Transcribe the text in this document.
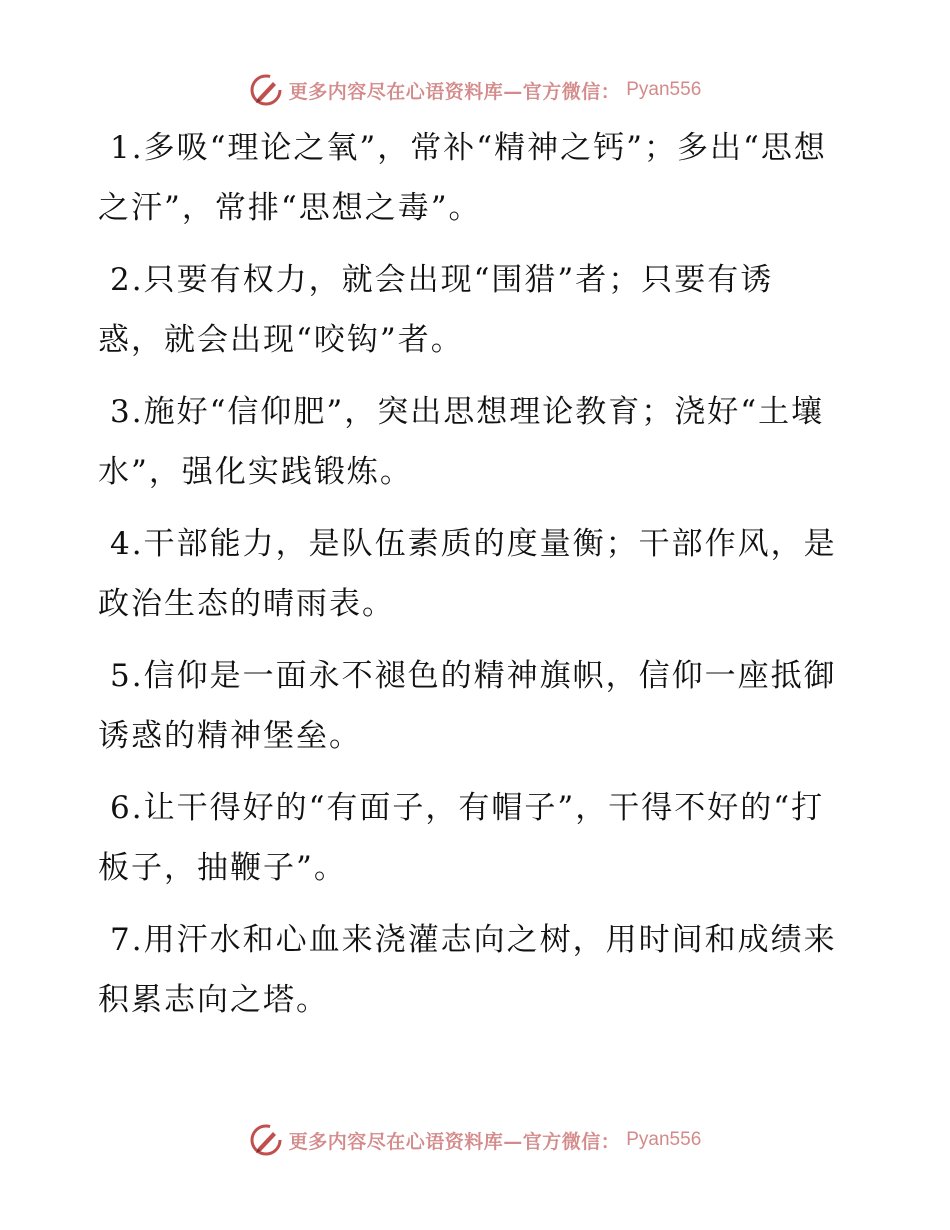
更多内容尽在心语资料库—官方微信： Pyan556

1.多吸“理论之氧”，常补“精神之钙”；多出“思想之汗”，常排“思想之毒”。

2.只要有权力，就会出现“围猎”者；只要有诱惑，就会出现“咬钩”者。

3.施好“信仰肥”，突出思想理论教育；浇好“土壤水”，强化实践锻炼。

4.干部能力，是队伍素质的度量衡；干部作风，是政治生态的晴雨表。

5.信仰是一面永不褪色的精神旗帜，信仰一座抵御诱惑的精神堡垒。

6.让干得好的“有面子，有帽子”，干得不好的“打板子，抽鞭子”。

7.用汗水和心血来浇灌志向之树，用时间和成绩来积累志向之塔。

更多内容尽在心语资料库—官方微信： Pyan556
